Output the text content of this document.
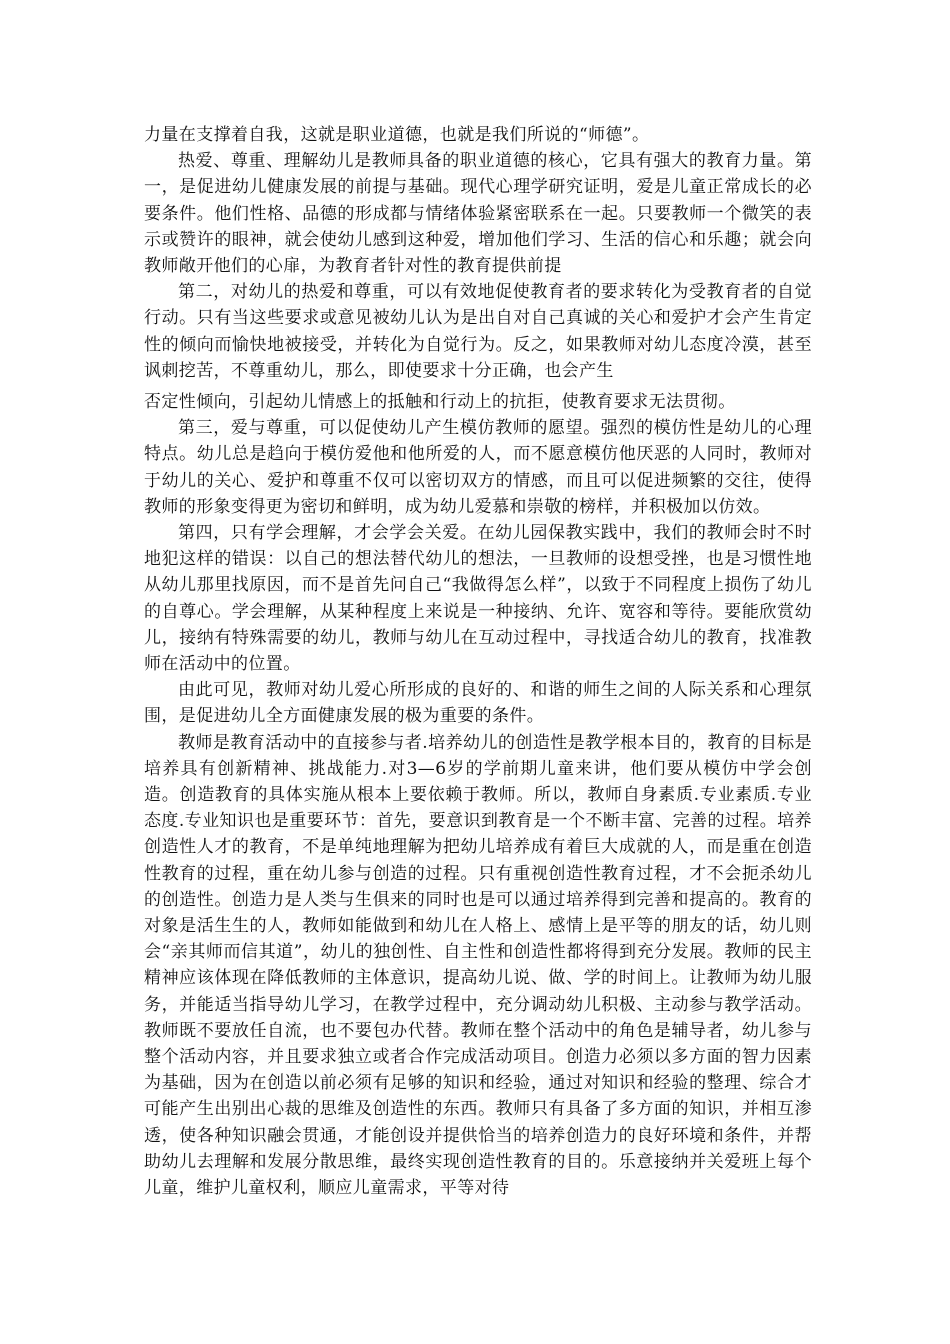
力量在支撑着自我，这就是职业道德，也就是我们所说的“师德”。

热爱、尊重、理解幼儿是教师具备的职业道德的核心，它具有强大的教育力量。第一，是促进幼儿健康发展的前提与基础。现代心理学研究证明，爱是儿童正常成长的必要条件。他们性格、品德的形成都与情绪体验紧密联系在一起。只要教师一个微笑的表示或赞许的眼神，就会使幼儿感到这种爱，增加他们学习、生活的信心和乐趣；就会向教师敞开他们的心扉，为教育者针对性的教育提供前提

第二，对幼儿的热爱和尊重，可以有效地促使教育者的要求转化为受教育者的自觉行动。只有当这些要求或意见被幼儿认为是出自对自己真诚的关心和爱护才会产生肯定性的倾向而愉快地被接受，并转化为自觉行为。反之，如果教师对幼儿态度冷漠，甚至讽刺挖苦，不尊重幼儿，那么，即使要求十分正确，也会产生

否定性倾向，引起幼儿情感上的抵触和行动上的抗拒，使教育要求无法贯彻。

第三，爱与尊重，可以促使幼儿产生模仿教师的愿望。强烈的模仿性是幼儿的心理特点。幼儿总是趋向于模仿爱他和他所爱的人，而不愿意模仿他厌恶的人同时，教师对于幼儿的关心、爱护和尊重不仅可以密切双方的情感，而且可以促进频繁的交往，使得教师的形象变得更为密切和鲜明，成为幼儿爱慕和崇敬的榜样，并积极加以仿效。

第四，只有学会理解，才会学会关爱。在幼儿园保教实践中，我们的教师会时不时地犯这样的错误：以自己的想法替代幼儿的想法，一旦教师的设想受挫，也是习惯性地从幼儿那里找原因，而不是首先问自己“我做得怎么样”，以致于不同程度上损伤了幼儿的自尊心。学会理解，从某种程度上来说是一种接纳、允许、宽容和等待。要能欣赏幼儿，接纳有特殊需要的幼儿，教师与幼儿在互动过程中，寻找适合幼儿的教育，找准教师在活动中的位置。

由此可见，教师对幼儿爱心所形成的良好的、和谐的师生之间的人际关系和心理氛围，是促进幼儿全方面健康发展的极为重要的条件。

教师是教育活动中的直接参与者.培养幼儿的创造性是教学根本目的，教育的目标是培养具有创新精神、挑战能力.对3—6岁的学前期儿童来讲，他们要从模仿中学会创造。创造教育的具体实施从根本上要依赖于教师。所以，教师自身素质.专业素质.专业态度.专业知识也是重要环节：首先，要意识到教育是一个不断丰富、完善的过程。培养创造性人才的教育，不是单纯地理解为把幼儿培养成有着巨大成就的人，而是重在创造性教育的过程，重在幼儿参与创造的过程。只有重视创造性教育过程，才不会扼杀幼儿的创造性。创造力是人类与生俱来的同时也是可以通过培养得到完善和提高的。教育的对象是活生生的人，教师如能做到和幼儿在人格上、感情上是平等的朋友的话，幼儿则会“亲其师而信其道”，幼儿的独创性、自主性和创造性都将得到充分发展。教师的民主精神应该体现在降低教师的主体意识，提高幼儿说、做、学的时间上。让教师为幼儿服务，并能适当指导幼儿学习，在教学过程中，充分调动幼儿积极、主动参与教学活动。教师既不要放任自流，也不要包办代替。教师在整个活动中的角色是辅导者，幼儿参与整个活动内容，并且要求独立或者合作完成活动项目。创造力必须以多方面的智力因素为基础，因为在创造以前必须有足够的知识和经验，通过对知识和经验的整理、综合才可能产生出别出心裁的思维及创造性的东西。教师只有具备了多方面的知识，并相互渗透，使各种知识融会贯通，才能创设并提供恰当的培养创造力的良好环境和条件，并帮助幼儿去理解和发展分散思维，最终实现创造性教育的目的。乐意接纳并关爱班上每个儿童，维护儿童权利，顺应儿童需求，平等对待
